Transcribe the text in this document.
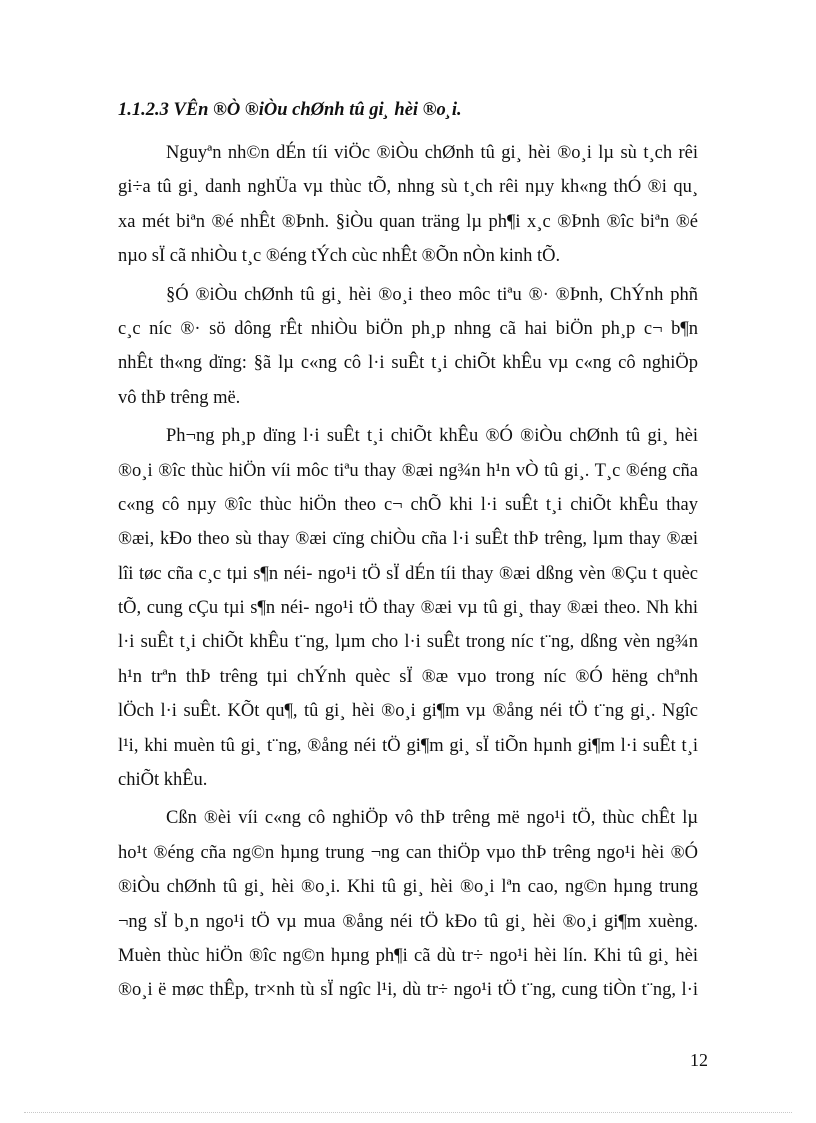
1.1.2.3 VÊn ®Ò ®iÒu chØnh tû gi¸ hèi ®o¸i.
Nguyªn nh©n dÉn tíi viÖc ®iÒu chØnh tû gi¸ hèi ®o¸i lµ sù t¸ch rêi
gi÷a tû gi¸ danh nghÜa vµ thùc tÕ, nhng sù t¸ch rêi nµy kh«ng thÓ ®i qu¸
xa mét biªn ®é nhÊt ®Þnh. §iÒu quan träng lµ ph¶i x¸c ®Þnh ®îc biªn ®é
nµo sÏ cã nhiÒu t¸c ®éng tÝch cùc nhÊt ®Õn nÒn kinh tÕ.
§Ó ®iÒu chØnh tû gi¸ hèi ®o¸i theo môc tiªu ®· ®Þnh, ChÝnh phñ
c¸c níc ®· sö dông rÊt nhiÒu biÖn ph¸p nhng cã hai biÖn ph¸p c¬ b¶n
nhÊt th«ng dïng: §ã lµ c«ng cô l·i suÊt t¸i chiÕt khÊu vµ c«ng cô nghiÖp
vô thÞ trêng më.
Ph¬ng ph¸p dïng l·i suÊt t¸i chiÕt khÊu ®Ó ®iÒu chØnh tû gi¸ hèi
®o¸i ®îc thùc hiÖn víi môc tiªu thay ®æi ng¾n h¹n vÒ tû gi¸. T¸c ®éng cña
c«ng cô nµy ®îc thùc hiÖn theo c¬ chÕ khi l·i suÊt t¸i chiÕt khÊu thay
®æi, kÐo theo sù thay ®æi cïng chiÒu cña l·i suÊt thÞ trêng, lµm thay ®æi
lîi tøc cña c¸c tµi s¶n néi- ngo¹i tÖ sÏ dÉn tíi thay ®æi dßng vèn ®Çu t quèc
tÕ, cung cÇu tµi s¶n néi- ngo¹i tÖ thay ®æi vµ tû gi¸ thay ®æi theo. Nh khi
l·i suÊt t¸i chiÕt khÊu t¨ng, lµm cho l·i suÊt trong níc t¨ng, dßng vèn ng¾n
h¹n trªn thÞ trêng tµi chÝnh quèc sÏ ®æ vµo trong níc ®Ó hëng chªnh
lÖch l·i suÊt. KÕt qu¶, tû gi¸ hèi ®o¸i gi¶m vµ ®ång néi tÖ t¨ng gi¸. Ngîc
l¹i, khi muèn tû gi¸ t¨ng, ®ång néi tÖ gi¶m gi¸ sÏ tiÕn hµnh gi¶m l·i suÊt t¸i
chiÕt khÊu.
Cßn ®èi víi c«ng cô nghiÖp vô thÞ trêng më ngo¹i tÖ, thùc chÊt lµ
ho¹t ®éng cña ng©n hµng trung ¬ng can thiÖp vµo thÞ trêng ngo¹i hèi ®Ó
®iÒu chØnh tû gi¸ hèi ®o¸i. Khi tû gi¸ hèi ®o¸i lªn cao, ng©n hµng trung
¬ng sÏ b¸n ngo¹i tÖ vµ mua ®ång néi tÖ kÐo tû gi¸ hèi ®o¸i gi¶m xuèng.
Muèn thùc hiÖn ®îc ng©n hµng ph¶i cã dù tr÷ ngo¹i hèi lín. Khi tû gi¸ hèi
®o¸i ë møc thÊp, tr×nh tù sÏ ngîc l¹i, dù tr÷ ngo¹i tÖ t¨ng, cung tiÒn t¨ng, l·i
12
